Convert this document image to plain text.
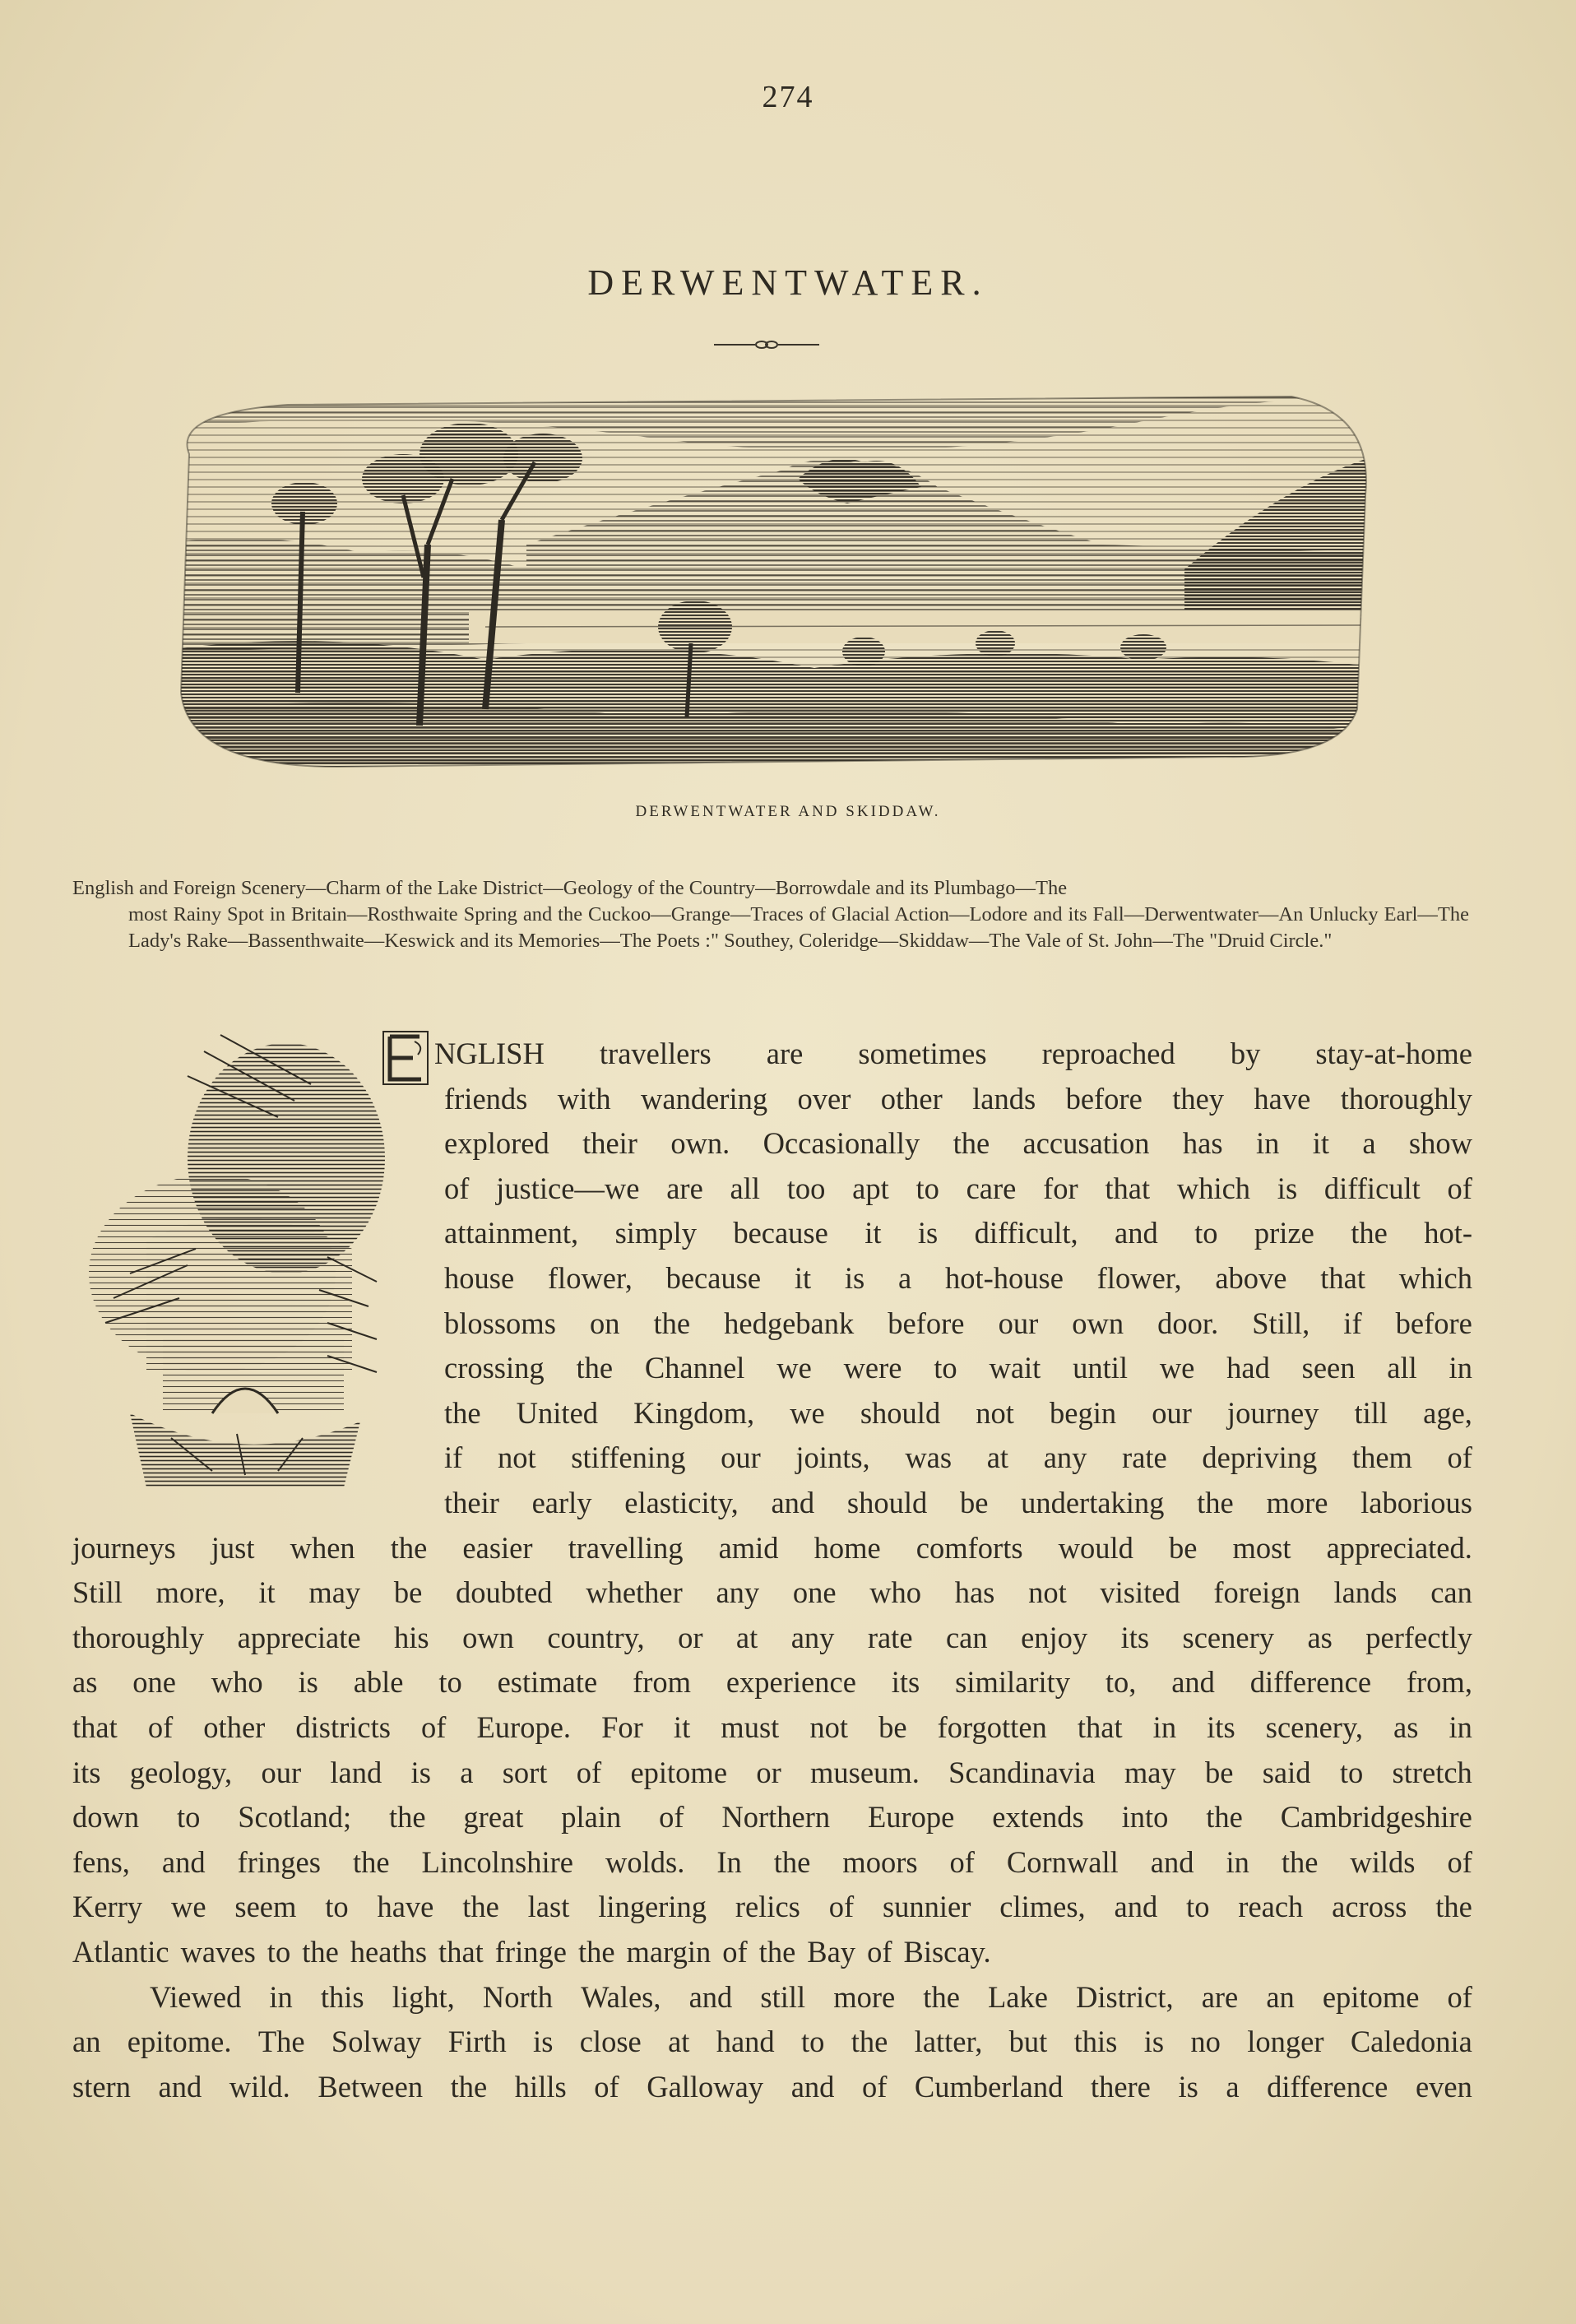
274
DERWENTWATER.
DERWENTWATER AND SKIDDAW.
English and Foreign Scenery—Charm of the Lake District—Geology of the Country—Borrowdale and its Plumbago—The
most Rainy Spot in Britain—Rosthwaite Spring and the Cuckoo—Grange—Traces of Glacial Action—Lodore and its Fall—Derwentwater—An Unlucky Earl—The Lady's Rake—Bassenthwaite—Keswick and its Memories—The Poets :" Southey, Coleridge—Skiddaw—The Vale of St. John—The "Druid Circle."
NGLISH travellers are sometimes reproached by stay-at-home
friends with wandering over other lands before they have thoroughly
explored their own. Occasionally the accusation has in it a show
of justice—we are all too apt to care for that which is difficult of
attainment, simply because it is difficult, and to prize the hot-
house flower, because it is a hot-house flower, above that which
blossoms on the hedgebank before our own door. Still, if before
crossing the Channel we were to wait until we had seen all in
the United Kingdom, we should not begin our journey till age,
if not stiffening our joints, was at any rate depriving them of
their early elasticity, and should be undertaking the more laborious
journeys just when the easier travelling amid home comforts would be most appreciated.
Still more, it may be doubted whether any one who has not visited foreign lands can
thoroughly appreciate his own country, or at any rate can enjoy its scenery as perfectly
as one who is able to estimate from experience its similarity to, and difference from,
that of other districts of Europe. For it must not be forgotten that in its scenery, as in
its geology, our land is a sort of epitome or museum. Scandinavia may be said to stretch
down to Scotland; the great plain of Northern Europe extends into the Cambridgeshire
fens, and fringes the Lincolnshire wolds. In the moors of Cornwall and in the wilds of
Kerry we seem to have the last lingering relics of sunnier climes, and to reach across the
Atlantic waves to the heaths that fringe the margin of the Bay of Biscay.
Viewed in this light, North Wales, and still more the Lake District, are an epitome of
an epitome. The Solway Firth is close at hand to the latter, but this is no longer Caledonia
stern and wild. Between the hills of Galloway and of Cumberland there is a difference even
